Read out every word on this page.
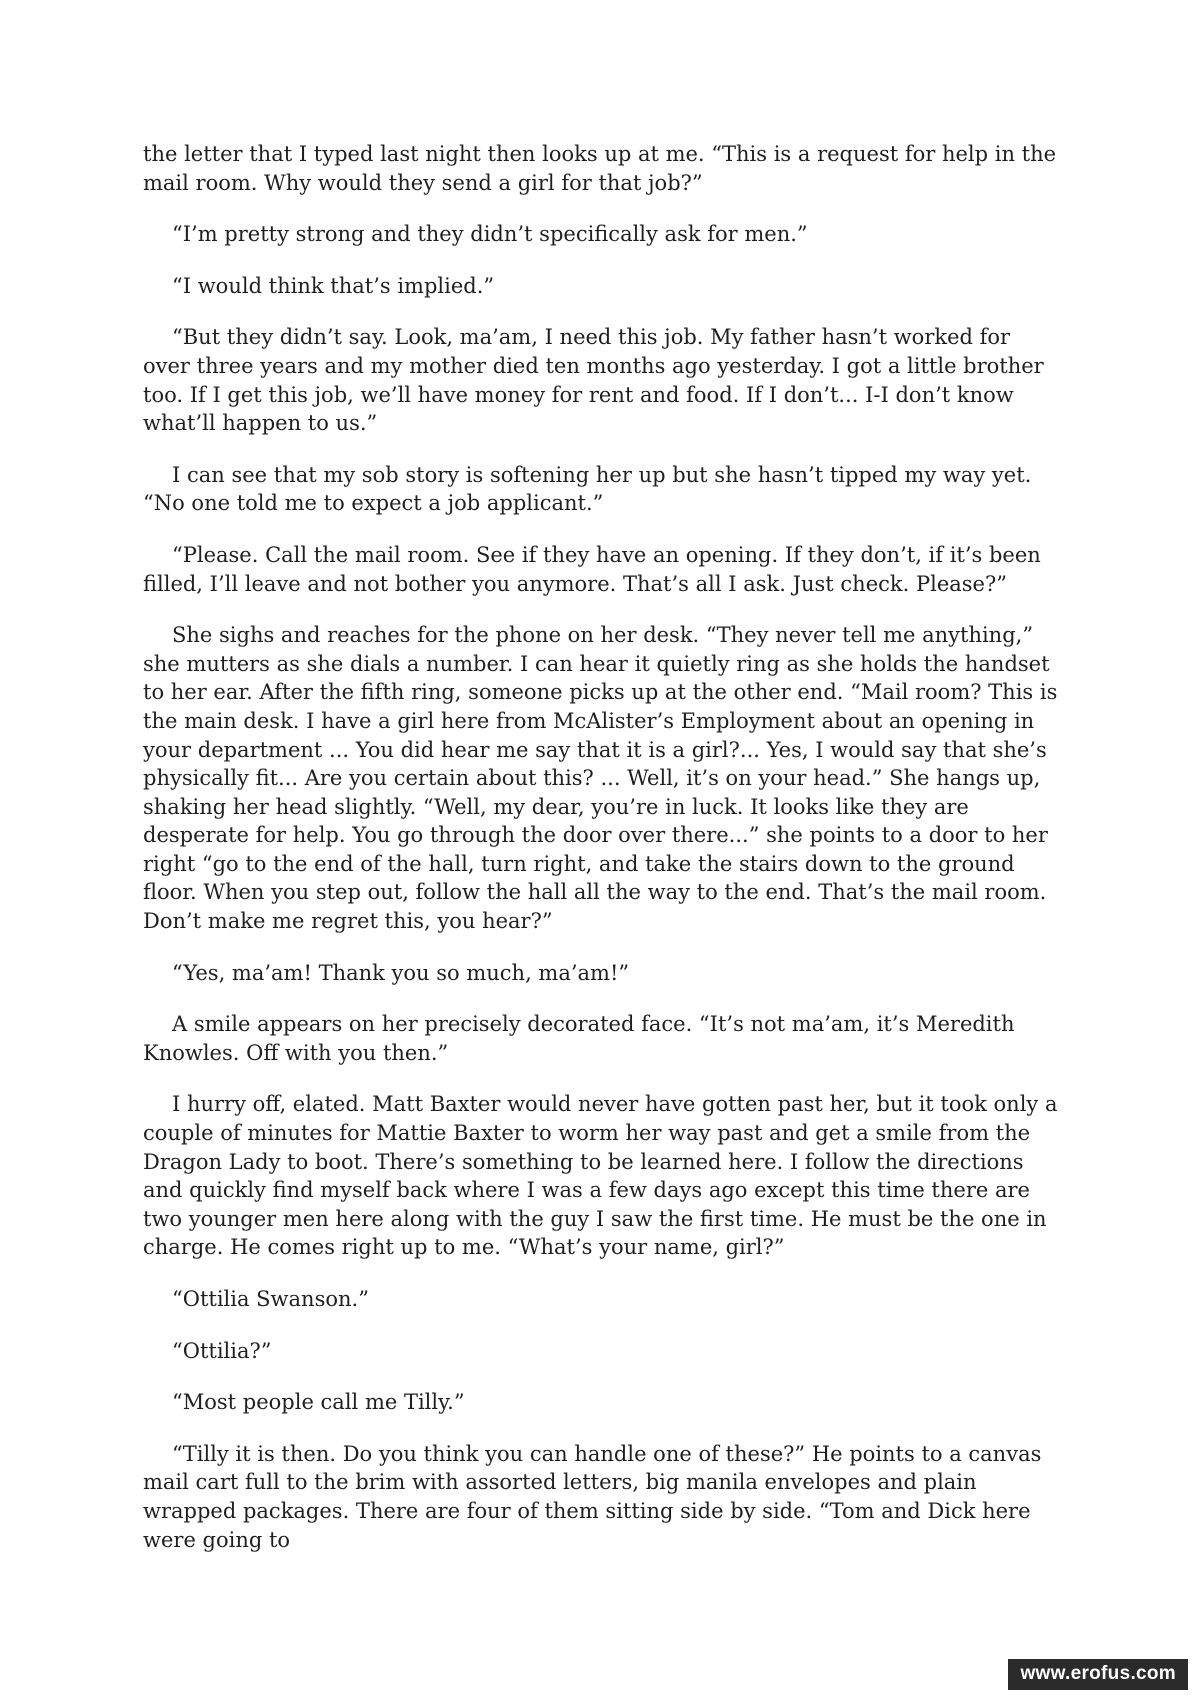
the letter that I typed last night then looks up at me. “This is a request for help in the mail room. Why would they send a girl for that job?”

“I’m pretty strong and they didn’t specifically ask for men.”

“I would think that’s implied.”

“But they didn’t say. Look, ma’am, I need this job. My father hasn’t worked for over three years and my mother died ten months ago yesterday. I got a little brother too. If I get this job, we’ll have money for rent and food. If I don’t... I-I don’t know what’ll happen to us.”

I can see that my sob story is softening her up but she hasn’t tipped my way yet. “No one told me to expect a job applicant.”

“Please. Call the mail room. See if they have an opening. If they don’t, if it’s been filled, I’ll leave and not bother you anymore. That’s all I ask. Just check. Please?”

She sighs and reaches for the phone on her desk. “They never tell me anything,” she mutters as she dials a number. I can hear it quietly ring as she holds the handset to her ear. After the fifth ring, someone picks up at the other end. “Mail room? This is the main desk. I have a girl here from McAlister’s Employment about an opening in your department ... You did hear me say that it is a girl?... Yes, I would say that she’s physically fit... Are you certain about this? ... Well, it’s on your head.” She hangs up, shaking her head slightly. “Well, my dear, you’re in luck. It looks like they are desperate for help. You go through the door over there...” she points to a door to her right “go to the end of the hall, turn right, and take the stairs down to the ground floor. When you step out, follow the hall all the way to the end. That’s the mail room. Don’t make me regret this, you hear?”

“Yes, ma’am! Thank you so much, ma’am!”

A smile appears on her precisely decorated face. “It’s not ma’am, it’s Meredith Knowles. Off with you then.”

I hurry off, elated. Matt Baxter would never have gotten past her, but it took only a couple of minutes for Mattie Baxter to worm her way past and get a smile from the Dragon Lady to boot. There’s something to be learned here. I follow the directions and quickly find myself back where I was a few days ago except this time there are two younger men here along with the guy I saw the first time. He must be the one in charge. He comes right up to me. “What’s your name, girl?”

“Ottilia Swanson.”

“Ottilia?”

“Most people call me Tilly.”

“Tilly it is then. Do you think you can handle one of these?” He points to a canvas mail cart full to the brim with assorted letters, big manila envelopes and plain wrapped packages. There are four of them sitting side by side. “Tom and Dick here were going to

www.erofus.com
